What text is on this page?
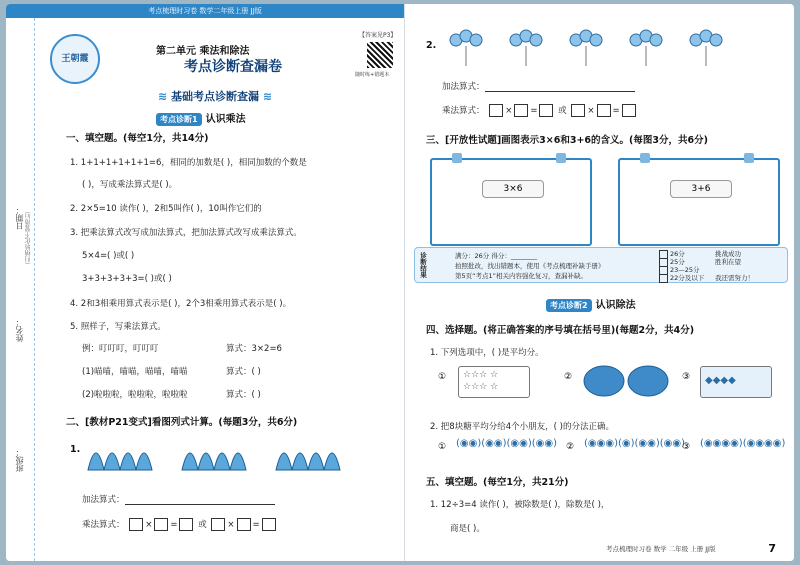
考点梳理时习卷 数学二年级上册 JJ版
日期： （归纳转化不要落后）
姓名：
班级：
王朝霞
第二单元 乘法和除法
考点诊断查漏卷
【答案见P3】
随时练+错题本
≋ 基础考点诊断查漏 ≋
考点诊断1 认识乘法
一、填空题。(每空1分，共14分)
1. 1+1+1+1+1+1=6，相同的加数是( )，相同加数的个数是
( )，写成乘法算式是( )。
2. 2×5=10 读作( )，2和5叫作( )，10叫作它们的
3. 把乘法算式改写成加法算式，把加法算式改写成乘法算式。
5×4=( )或( )
3+3+3+3+3=( )或( )
4. 2和3相乘用算式表示是( )，2个3相乘用算式表示是( )。
5. 照样子，写乘法算式。
例：叮叮叮，叮叮叮	算式：3×2=6
(1)喵喵，喵喵，喵喵，喵喵	算式：( )
(2)啦啦啦，啦啦啦，啦啦啦	算式：( )
二、[教材P21变式]看图列式计算。(每题3分，共6分)
1.
加法算式：
乘法算式： × = 或 × =
2.
加法算式：
乘法算式： × = 或 × =
三、[开放性试题]画图表示3×6和3+6的含义。(每图3分，共6分)
3×6	3+6
诊断结果	满分：26分 得分：________
拍照批改，找出错题本，使用《考点梳理补缺手册》
第5页“考点1”相关内容强化复习，查漏补缺。
26分	挑战成功
25分	胜利在望
23—25分
22分及以下 我还需努力！
考点诊断2 认识除法
四、选择题。(将正确答案的序号填在括号里)(每题2分，共4分)
1. 下列选项中，( )是平均分。
① ☆☆☆ ☆
☆☆☆ ☆
②	③ ◆◆◆◆
2. 把8块糖平均分给4个小朋友，( )的分法正确。
① (◉◉)(◉◉)(◉◉)(◉◉) ② (◉◉◉)(◉)(◉◉)(◉◉)
③ (◉◉◉◉)(◉◉◉◉)
五、填空题。(每空1分，共21分)
1. 12÷3=4 读作( )，被除数是( )，除数是( )，
商是( )。
考点梳理时习卷 数学 二年级 上册 JJ版	7
